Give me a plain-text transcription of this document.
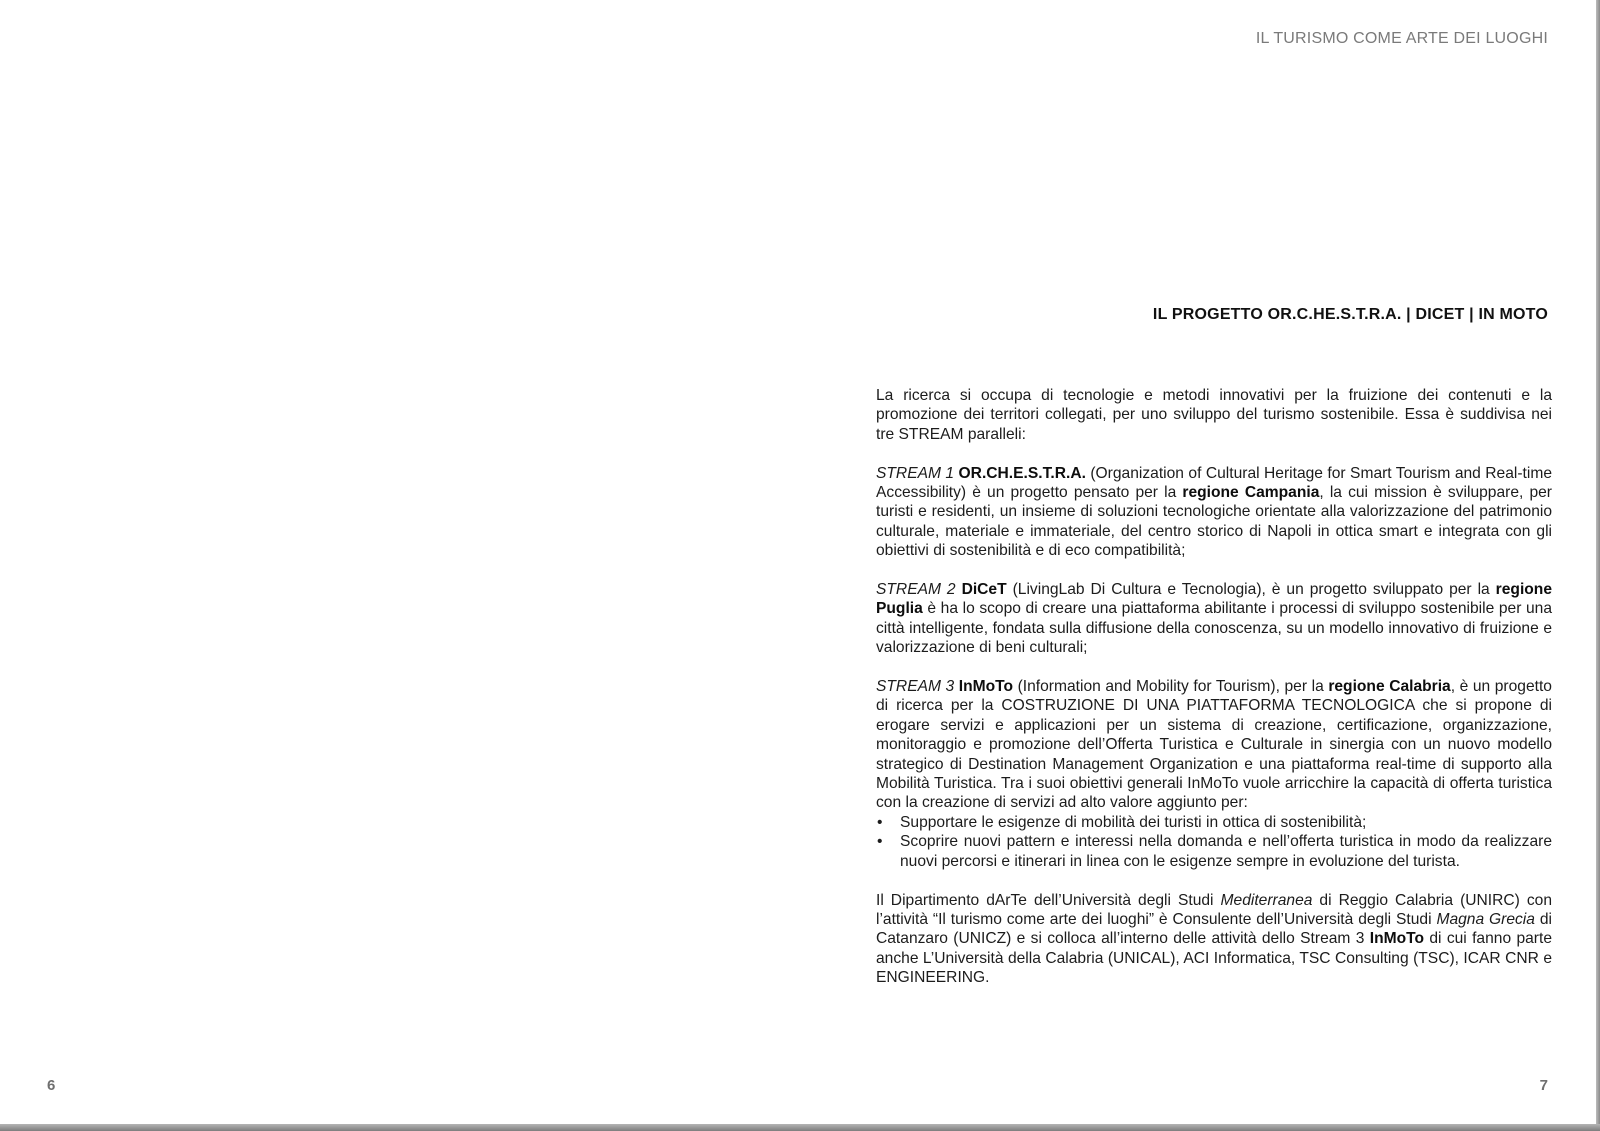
IL TURISMO COME ARTE DEI LUOGHI
IL PROGETTO OR.C.HE.S.T.R.A. | DICET | IN MOTO

La ricerca si occupa di tecnologie e metodi innovativi per la fruizione dei contenuti e la promozione dei territori collegati, per uno sviluppo del turismo sostenibile. Essa è suddivisa nei tre STREAM paralleli:

STREAM 1 OR.CH.E.S.T.R.A. (Organization of Cultural Heritage for Smart Tourism and Real-time Accessibility) è un progetto pensato per la regione Campania, la cui mission è sviluppare, per turisti e residenti, un insieme di soluzioni tecnologiche orientate alla valorizzazione del patrimonio culturale, materiale e immateriale, del centro storico di Napoli in ottica smart e integrata con gli obiettivi di sostenibilità e di eco compatibilità;

STREAM 2 DiCeT (LivingLab Di Cultura e Tecnologia), è un progetto sviluppato per la regione Puglia è ha lo scopo di creare una piattaforma abilitante i processi di sviluppo sostenibile per una città intelligente, fondata sulla diffusione della conoscenza, su un modello innovativo di fruizione e valorizzazione di beni culturali;

STREAM 3 InMoTo (Information and Mobility for Tourism), per la regione Calabria, è un progetto di ricerca per la COSTRUZIONE DI UNA PIATTAFORMA TECNOLOGICA che si propone di erogare servizi e applicazioni per un sistema di creazione, certificazione, organizzazione, monitoraggio e promozione dell’Offerta Turistica e Culturale in sinergia con un nuovo modello strategico di Destination Management Organization e una piattaforma real-time di supporto alla Mobilità Turistica. Tra i suoi obiettivi generali InMoTo vuole arricchire la capacità di offerta turistica con la creazione di servizi ad alto valore aggiunto per:

• Supportare le esigenze di mobilità dei turisti in ottica di sostenibilità;
• Scoprire nuovi pattern e interessi nella domanda e nell’offerta turistica in modo da realizzare nuovi percorsi e itinerari in linea con le esigenze sempre in evoluzione del turista.

Il Dipartimento dArTe dell’Università degli Studi Mediterranea di Reggio Calabria (UNIRC) con l’attività “Il turismo come arte dei luoghi” è Consulente dell’Università degli Studi Magna Grecia di Catanzaro (UNICZ) e si colloca all’interno delle attività dello Stream 3 InMoTo di cui fanno parte anche L’Università della Calabria (UNICAL), ACI Informatica, TSC Consulting (TSC), ICAR CNR e ENGINEERING.

6	7
